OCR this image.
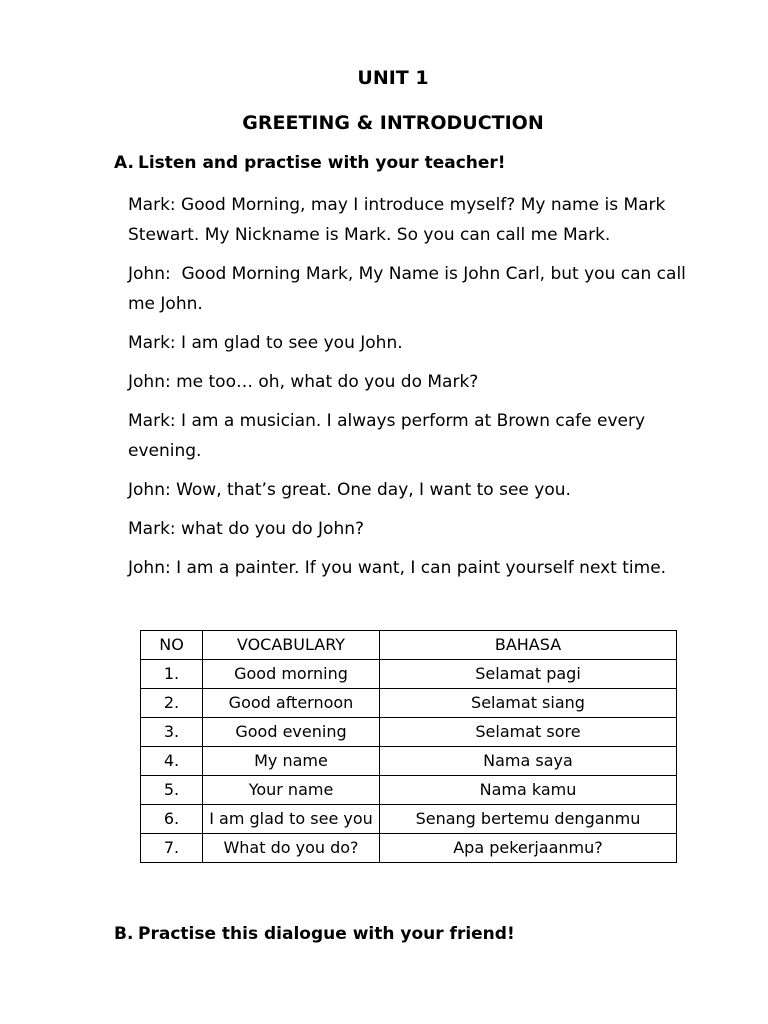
UNIT 1
GREETING & INTRODUCTION
A. Listen and practise with your teacher!

Mark: Good Morning, may I introduce myself? My name is Mark Stewart. My Nickname is Mark. So you can call me Mark.

John:  Good Morning Mark, My Name is John Carl, but you can call me John.

Mark: I am glad to see you John.

John: me too… oh, what do you do Mark?

Mark: I am a musician. I always perform at Brown cafe every evening.

John: Wow, that’s great. One day, I want to see you.

Mark: what do you do John?

John: I am a painter. If you want, I can paint yourself next time.

NO	VOCABULARY	BAHASA
1.	Good morning	Selamat pagi
2.	Good afternoon	Selamat siang
3.	Good evening	Selamat sore
4.	My name	Nama saya
5.	Your name	Nama kamu
6.	I am glad to see you	Senang bertemu denganmu
7.	What do you do?	Apa pekerjaanmu?
B. Practise this dialogue with your friend!
